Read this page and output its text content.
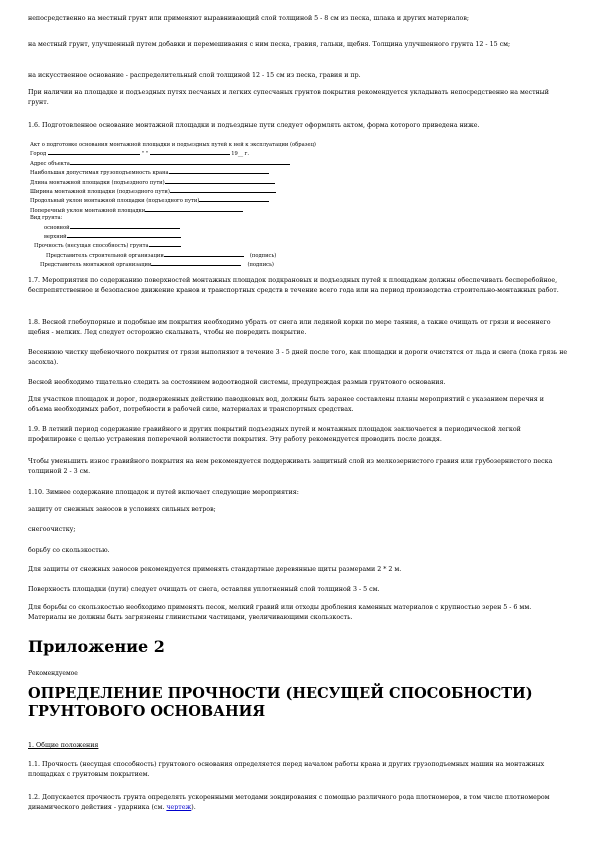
непосредственно на местный грунт или применяют выравнивающий слой толщиной 5 - 8 см из песка, шлака и других материалов;
на местный грунт, улучшенный путем добавки и перемешивания с ним песка, гравия, гальки, щебня. Толщина улучшенного грунта 12 - 15 см;
на искусственное основание - распределительный слой толщиной 12 - 15 см из песка, гравия и пр.
При наличии на площадке и подъездных путях песчаных и легких супесчаных грунтов покрытия рекомендуется укладывать непосредственно на местный грунт.
1.6. Подготовленное основание монтажной площадки и подъездные пути следует оформлять актом, форма которого приведена ниже.
Акт о подготовке основания монтажной площадки и подъездных путей к ней к эксплуатации (образец)
Город	" "	19__ г.
Адрес объекта
Наибольшая допустимая грузоподъемность крана
Длина монтажной площадки (подъездного пути)
Ширина монтажной площадки (подъездного пути)
Продольный уклон монтажной площадки (подъездного пути)
Поперечный уклон монтажной площадки
Вид грунта:
основной
верхний
Прочность (несущая способность) грунта
Представитель строительной организации	(подпись)
Представитель монтажной организации	(подпись)
1.7. Мероприятия по содержанию поверхностей монтажных площадок подкрановых и подъездных путей к площадкам должны обеспечивать бесперебойное, беспрепятственное и безопасное движение кранов и транспортных средств в течение всего года или на период производства строительно-монтажных работ.
1.8. Весной глебоупорные и подобные им покрытия необходимо убрать от снега или ледяной корки по мере таяния, а также очищать от грязи и весеннего щебня - мелких. Лед следует осторожно скалывать, чтобы не повредить покрытие.
Весеннюю чистку щебеночного покрытия от грязи выполняют в течение 3 - 5 дней после того, как площадки и дороги очистятся от льда и снега (пока грязь не засохла).
Весной необходимо тщательно следить за состоянием водоотводной системы, предупреждая размыв грунтового основания.
Для участков площадок и дорог, подверженных действию паводковых вод, должны быть заранее составлены планы мероприятий с указанием перечня и объема необходимых работ, потребности в рабочей силе, материалах и транспортных средствах.
1.9. В летний период содержание гравийного и других покрытий подъездных путей и монтажных площадок заключается в периодической легкой профилировке с целью устранения поперечной волнистости покрытия. Эту работу рекомендуется проводить после дождя.
Чтобы уменьшить износ гравийного покрытия на нем рекомендуется поддерживать защитный слой из мелкозернистого гравия или грубозернистого песка толщиной 2 - 3 см.
1.10. Зимнее содержание площадок и путей включает следующие мероприятия:
защиту от снежных заносов в условиях сильных ветров;
снегоочистку;
борьбу со скользкостью.
Для защиты от снежных заносов рекомендуется применять стандартные деревянные щиты размерами 2 * 2 м.
Поверхность площадки (пути) следует очищать от снега, оставляя уплотненный слой толщиной 3 - 5 см.
Для борьбы со скользкостью необходимо применять песок, мелкий гравий или отходы дробления каменных материалов с крупностью зерен 5 - 6 мм. Материалы не должны быть загрязнены глинистыми частицами, увеличивающими скользкость.
Приложение 2
Рекомендуемое
ОПРЕДЕЛЕНИЕ ПРОЧНОСТИ (НЕСУЩЕЙ СПОСОБНОСТИ) ГРУНТОВОГО ОСНОВАНИЯ
1. Общие положения
1.1. Прочность (несущая способность) грунтового основания определяется перед началом работы крана и других грузоподъемных машин на монтажных площадках с грунтовым покрытием.
1.2. Допускается прочность грунта определять ускоренными методами зондирования с помощью различного рода плотномеров, в том числе плотномером динамического действия - ударника (см. чертеж).
